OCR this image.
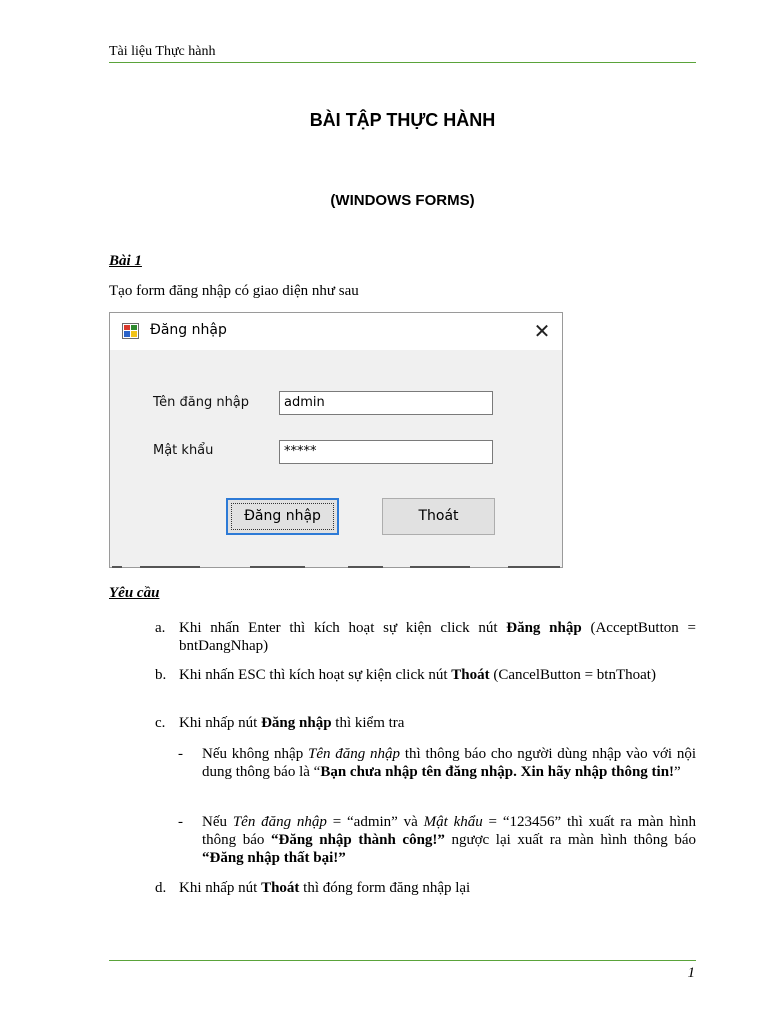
Tài liệu Thực hành
BÀI TẬP THỰC HÀNH
(WINDOWS FORMS)
Bài 1
Tạo form đăng nhập có giao diện như sau
Đăng nhập	✕
Tên đăng nhập	admin
Mật khẩu	*****
Đăng nhập	Thoát
Yêu cầu
a. Khi nhấn Enter thì kích hoạt sự kiện click nút Đăng nhập (AcceptButton = bntDangNhap)
b. Khi nhấn ESC thì kích hoạt sự kiện click nút Thoát (CancelButton = btnThoat)
c. Khi nhấp nút Đăng nhập thì kiểm tra
- Nếu không nhập Tên đăng nhập thì thông báo cho người dùng nhập vào với nội dung thông báo là “Bạn chưa nhập tên đăng nhập. Xin hãy nhập thông tin!”
- Nếu Tên đăng nhập = “admin” và Mật khẩu = “123456” thì xuất ra màn hình thông báo “Đăng nhập thành công!” ngược lại xuất ra màn hình thông báo “Đăng nhập thất bại!”
d. Khi nhấp nút Thoát thì đóng form đăng nhập lại
1
